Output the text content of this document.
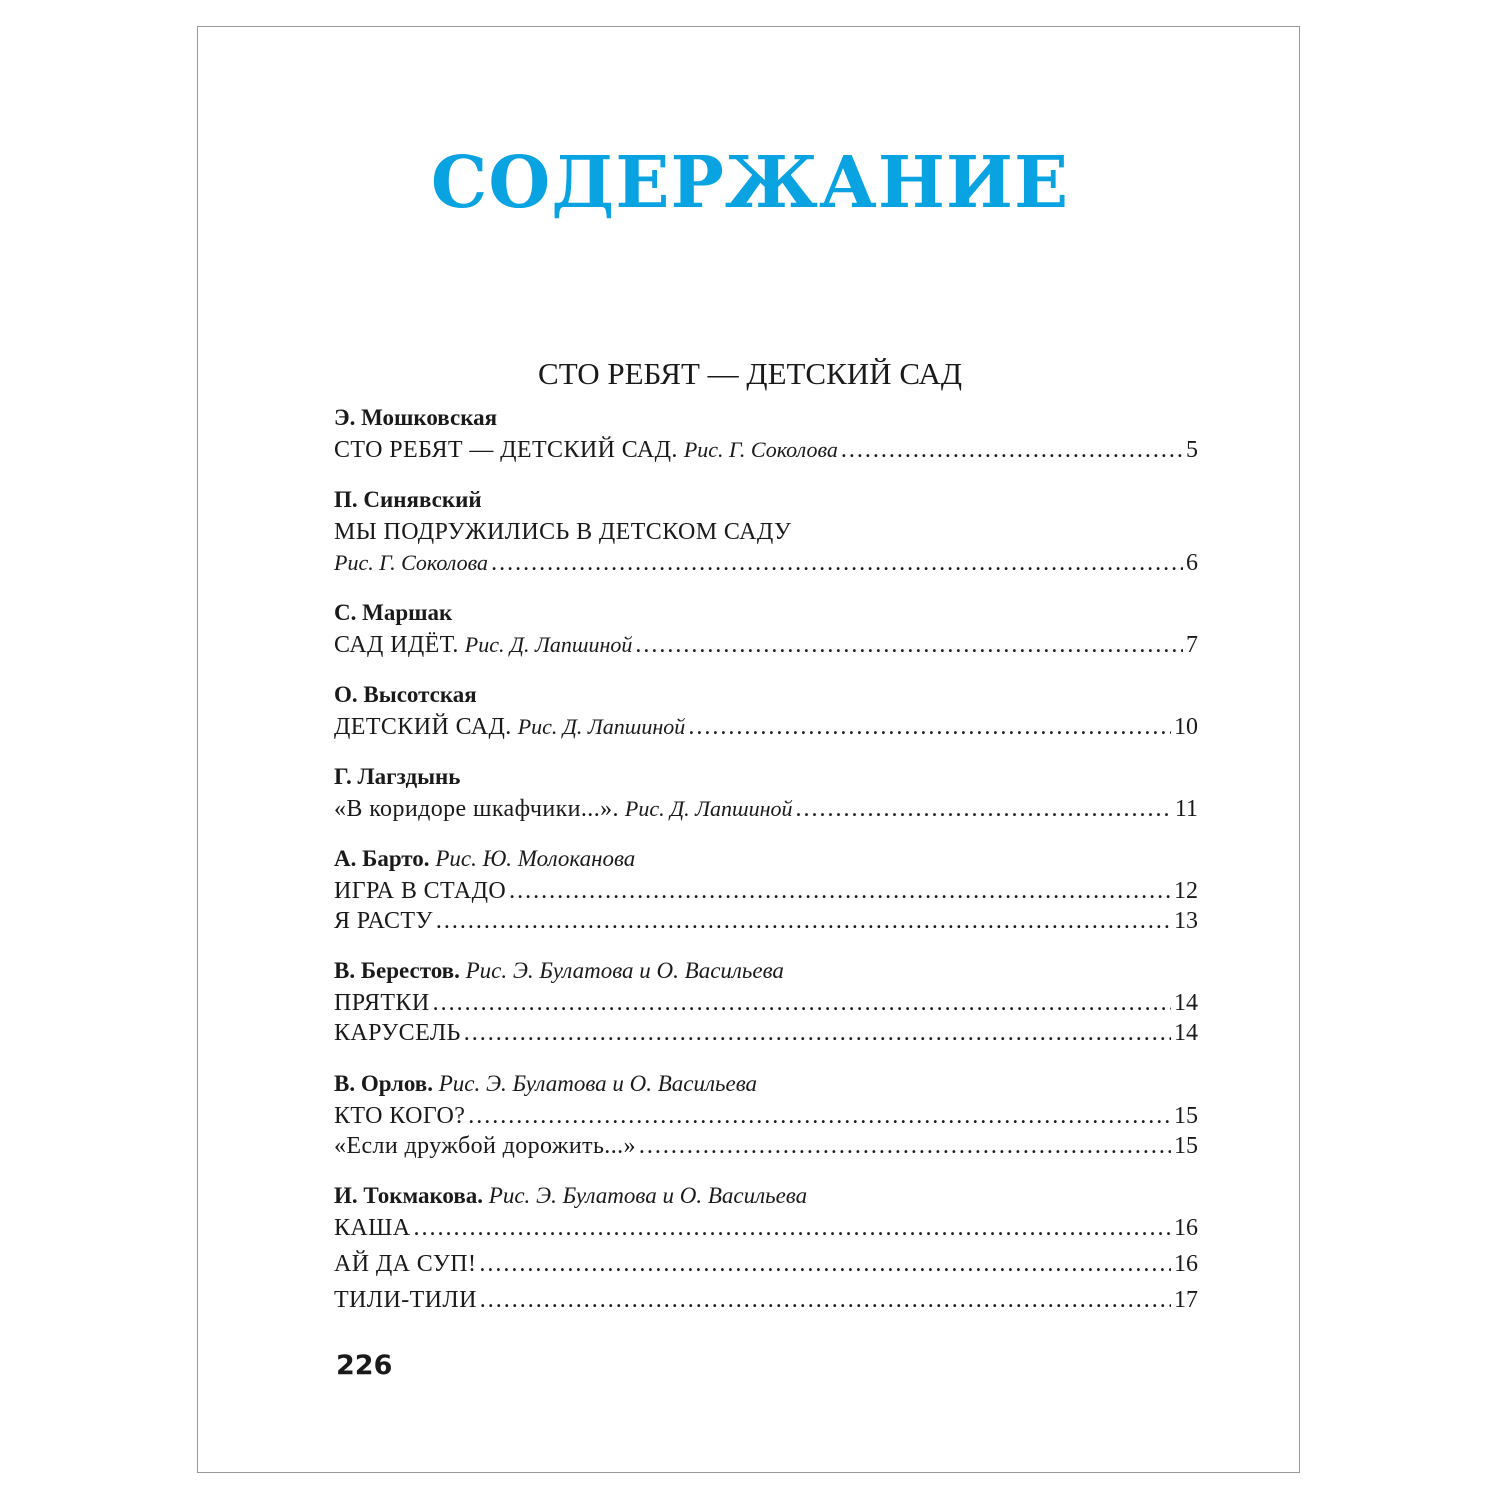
СОДЕРЖАНИЕ
СТО РЕБЯТ — ДЕТСКИЙ САД
Э. Мошковская
СТО РЕБЯТ — ДЕТСКИЙ САД.
Рис. Г. Соколова .....	5
П. Синявский
МЫ ПОДРУЖИЛИСЬ В ДЕТСКОМ САДУ
Рис. Г. Соколова .....	6
С. Маршак
САД ИДЁТ.
Рис. Д. Лапшиной .....	7
О. Высотская
ДЕТСКИЙ САД.
Рис. Д. Лапшиной .....	10
Г. Лагздынь
«В коридоре шкафчики...».
Рис. Д. Лапшиной .....	11
А. Барто. Рис. Ю. Молоканова
ИГРА В СТАДО .....	12
Я РАСТУ .....	13
В. Берестов. Рис. Э. Булатова и О. Васильева
ПРЯТКИ .....	14
КАРУСЕЛЬ .....	14
В. Орлов. Рис. Э. Булатова и О. Васильева
КТО КОГО? .....	15
«Если дружбой дорожить...» .....	15
И. Токмакова. Рис. Э. Булатова и О. Васильева
КАША .....	16
АЙ ДА СУП! .....	16
ТИЛИ-ТИЛИ .....	17
226
